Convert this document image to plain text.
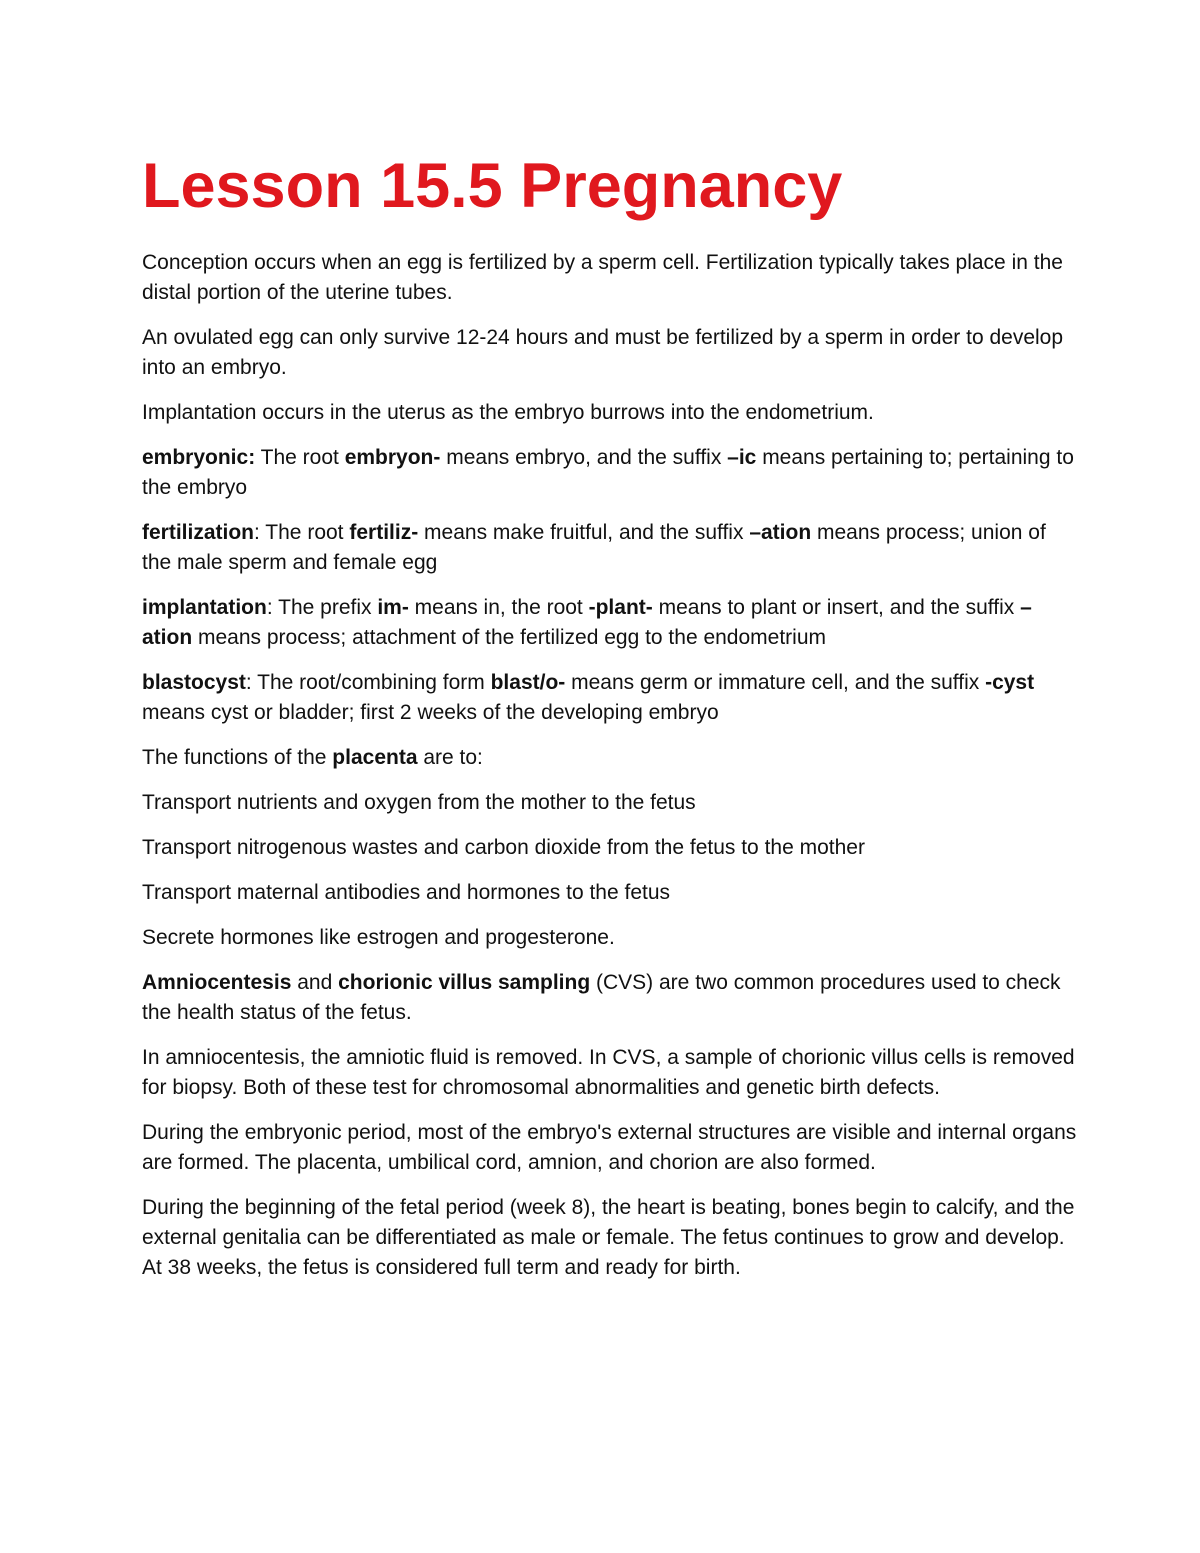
Lesson 15.5 Pregnancy

Conception occurs when an egg is fertilized by a sperm cell. Fertilization typically takes place in the distal portion of the uterine tubes.

An ovulated egg can only survive 12-24 hours and must be fertilized by a sperm in order to develop into an embryo.

Implantation occurs in the uterus as the embryo burrows into the endometrium.

embryonic: The root embryon- means embryo, and the suffix –ic means pertaining to; pertaining to the embryo

fertilization: The root fertiliz- means make fruitful, and the suffix –ation means process; union of the male sperm and female egg

implantation: The prefix im- means in, the root -plant- means to plant or insert, and the suffix –ation means process; attachment of the fertilized egg to the endometrium

blastocyst: The root/combining form blast/o- means germ or immature cell, and the suffix -cyst means cyst or bladder; first 2 weeks of the developing embryo

The functions of the placenta are to:

Transport nutrients and oxygen from the mother to the fetus

Transport nitrogenous wastes and carbon dioxide from the fetus to the mother

Transport maternal antibodies and hormones to the fetus

Secrete hormones like estrogen and progesterone.

Amniocentesis and chorionic villus sampling (CVS) are two common procedures used to check the health status of the fetus.

In amniocentesis, the amniotic fluid is removed. In CVS, a sample of chorionic villus cells is removed for biopsy. Both of these test for chromosomal abnormalities and genetic birth defects.

During the embryonic period, most of the embryo's external structures are visible and internal organs are formed. The placenta, umbilical cord, amnion, and chorion are also formed.

During the beginning of the fetal period (week 8), the heart is beating, bones begin to calcify, and the external genitalia can be differentiated as male or female. The fetus continues to grow and develop. At 38 weeks, the fetus is considered full term and ready for birth.
